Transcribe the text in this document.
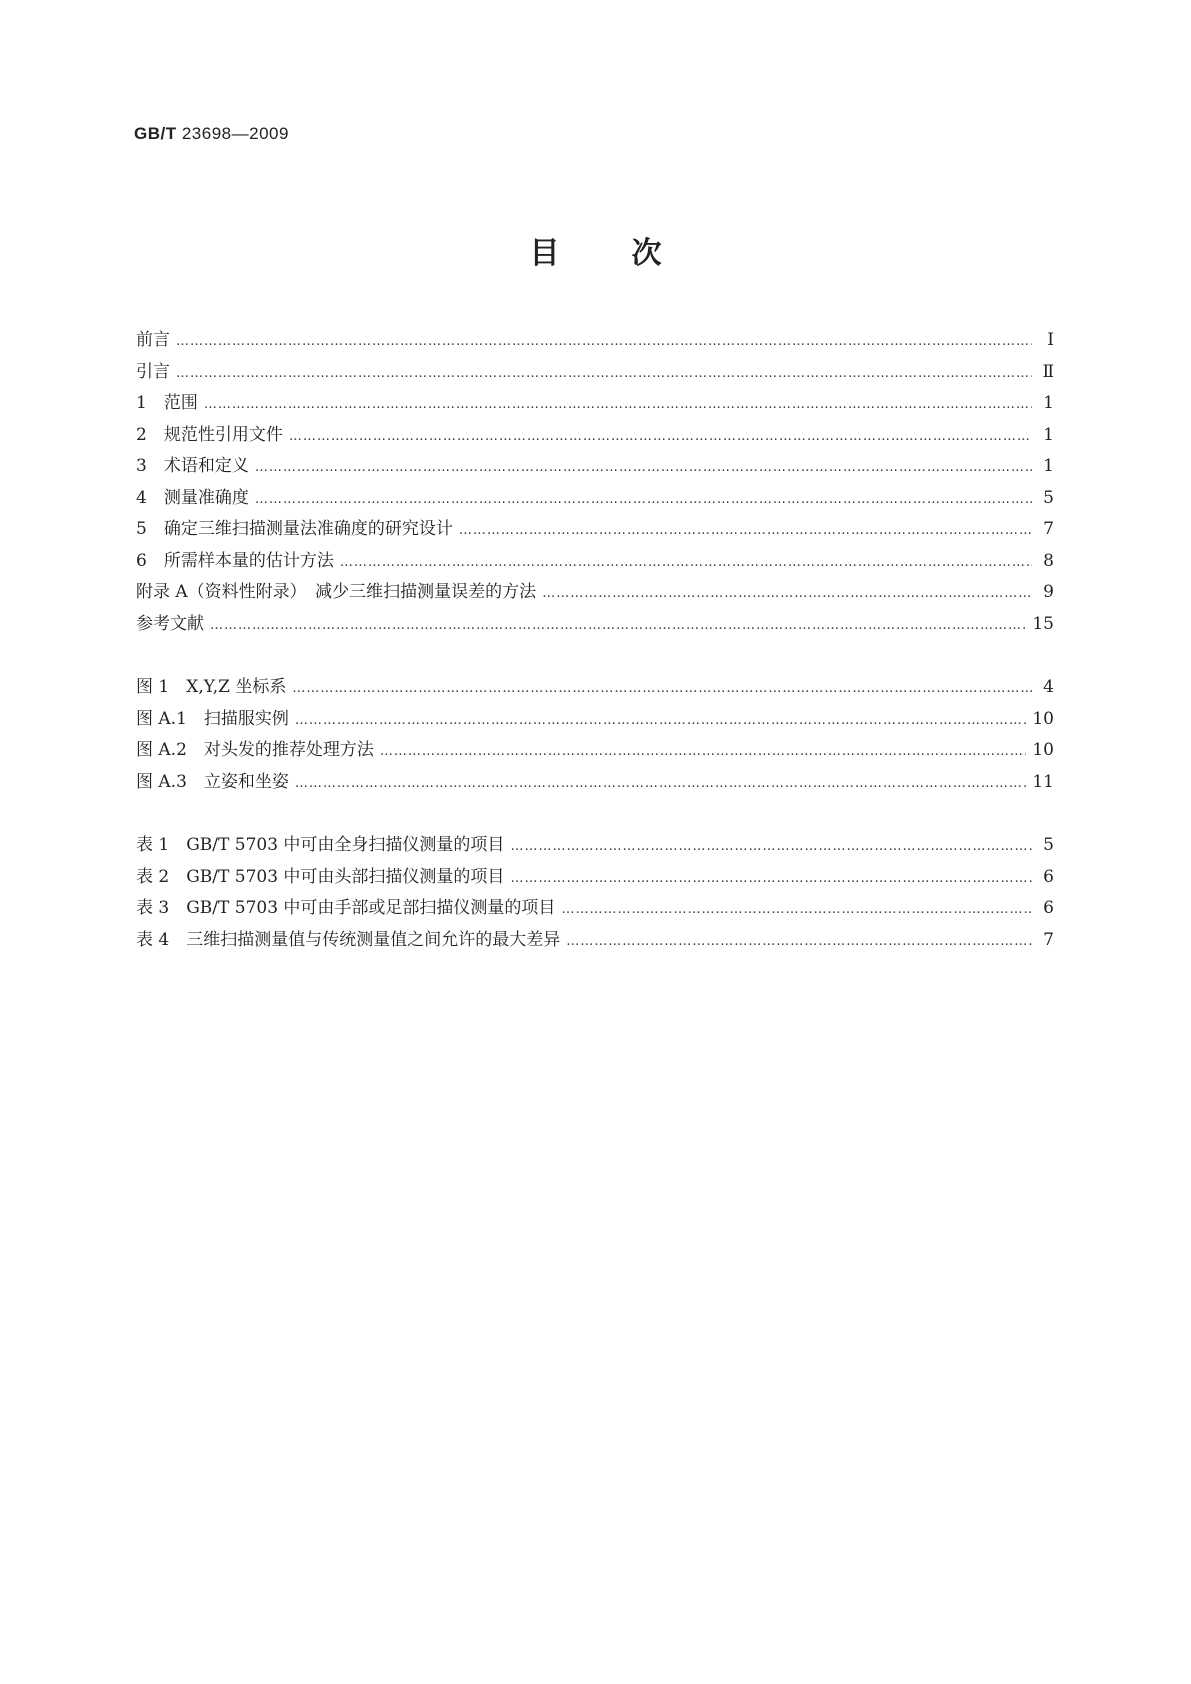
GB/T 23698—2009
目 次
前言 …………………………………………………………………………………………………………………………………………………………………………………………………………………………………………	Ⅰ
引言 …………………………………………………………………………………………………………………………………………………………………………………………………………………………………………	Ⅱ
1　范围 …………………………………………………………………………………………………………………………………………………………………………………………………………………………………………	1
2　规范性引用文件 …………………………………………………………………………………………………………………………………………………………………………………………………………………………………………	1
3　术语和定义 …………………………………………………………………………………………………………………………………………………………………………………………………………………………………………	1
4　测量准确度 …………………………………………………………………………………………………………………………………………………………………………………………………………………………………………	5
5　确定三维扫描测量法准确度的研究设计 …………………………………………………………………………………………………………………………………………………………………………………………………………………………………………	7
6　所需样本量的估计方法 …………………………………………………………………………………………………………………………………………………………………………………………………………………………………………	8
附录 A（资料性附录）　减少三维扫描测量误差的方法 …………………………………………………………………………………………………………………………………………………………………………………………………………………………………………	9
参考文献 …………………………………………………………………………………………………………………………………………………………………………………………………………………………………………	15
图 1　X,Y,Z 坐标系 …………………………………………………………………………………………………………………………………………………………………………………………………………………………………………	4
图 A.1　扫描服实例 …………………………………………………………………………………………………………………………………………………………………………………………………………………………………………	10
图 A.2　对头发的推荐处理方法 …………………………………………………………………………………………………………………………………………………………………………………………………………………………………………	10
图 A.3　立姿和坐姿 …………………………………………………………………………………………………………………………………………………………………………………………………………………………………………	11
表 1　GB/T 5703 中可由全身扫描仪测量的项目 …………………………………………………………………………………………………………………………………………………………………………………………………………………………………………	5
表 2　GB/T 5703 中可由头部扫描仪测量的项目 …………………………………………………………………………………………………………………………………………………………………………………………………………………………………………	6
表 3　GB/T 5703 中可由手部或足部扫描仪测量的项目 …………………………………………………………………………………………………………………………………………………………………………………………………………………………………………	6
表 4　三维扫描测量值与传统测量值之间允许的最大差异 …………………………………………………………………………………………………………………………………………………………………………………………………………………………………………	7
